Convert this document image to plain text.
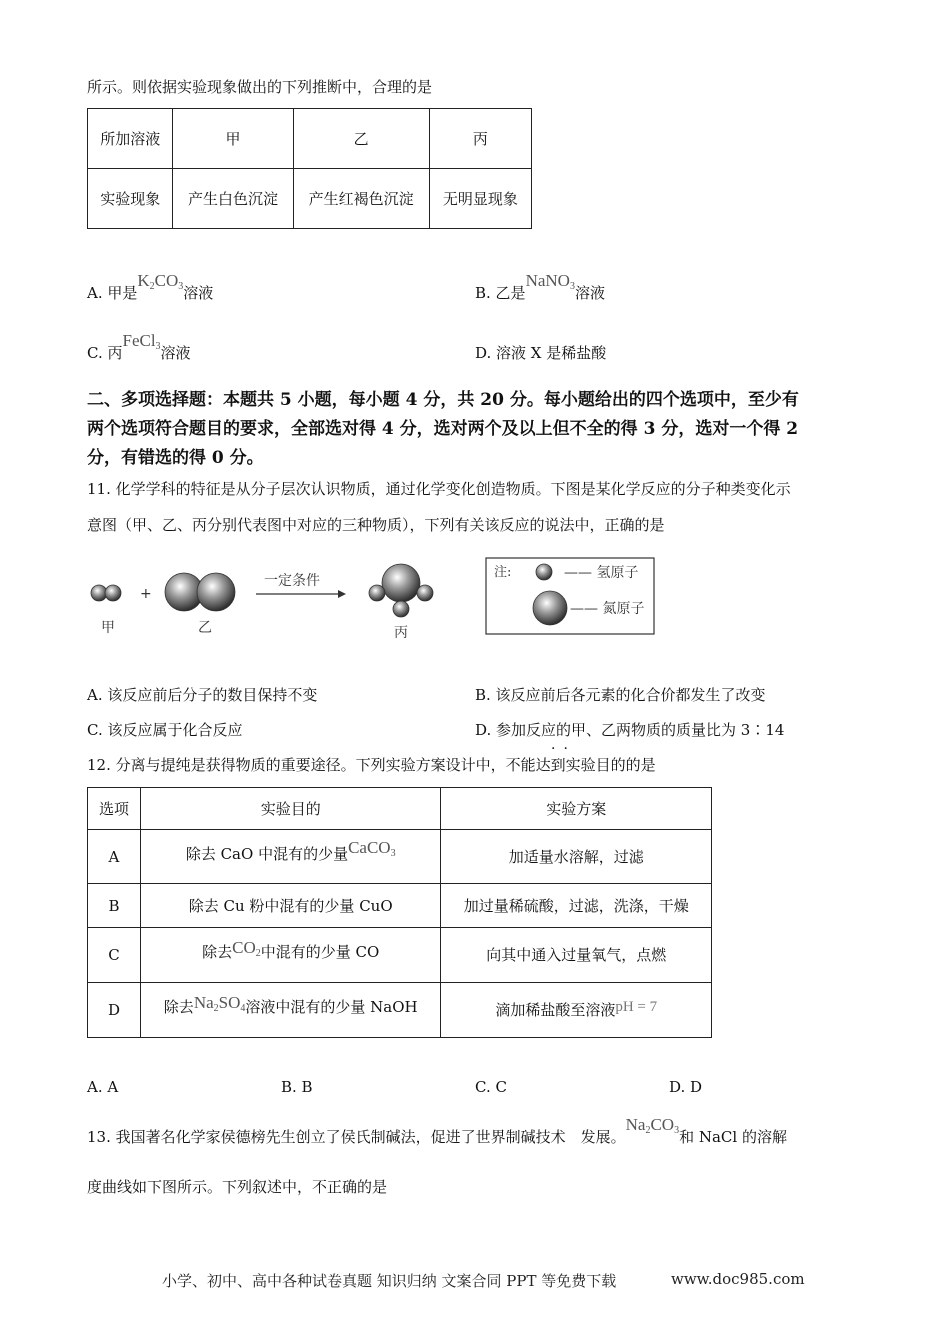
所示。则依据实验现象做出的下列推断中，合理的是
所加溶液	甲	乙	丙
实验现象	产生白色沉淀	产生红褐色沉淀	无明显现象
A. 甲是$K_2CO_3$溶液	B. 乙是NaNO$_3$溶液
C. 丙FeCl$_3$溶液	D. 溶液 X 是稀盐酸
二、多项选择题：本题共 5 小题，每小题 4 分，共 20 分。每小题给出的四个选项中，至少有
两个选项符合题目的要求，全部选对得 4 分，选对两个及以上但不全的得 3 分，选对一个得 2
分，有错选的得 0 分。
11. 化学学科的特征是从分子层次认识物质，通过化学变化创造物质。下图是某化学反应的分子种类变化示
意图（甲、乙、丙分别代表图中对应的三种物质），下列有关该反应的说法中，正确的是
甲
+
乙
一定条件
丙
注:	—— 氢原子
—— 氮原子
A. 该反应前后分子的数目保持不变	B. 该反应前后各元素的化合价都发生了改变
C. 该反应属于化合反应	D. 参加反应的甲、乙两物质的质量比为 3∶14
12. 分离与提纯是获得物质的重要途径。下列实验方案设计中，不能达到实验目的的是
··
选项	实验目的	实验方案
A	除去 CaO 中混有的少量CaCO$_3$	加适量水溶解，过滤
B	除去 Cu 粉中混有的少量 CuO	加过量稀硫酸，过滤，洗涤，干燥
C	除去$CO_2$中混有的少量 CO	向其中通入过量氧气，点燃
D	除去$Na_2SO_4$溶液中混有的少量 NaOH	滴加稀盐酸至溶液pH = 7
A. A	B. B	C. C	D. D
13. 我国著名化学家侯德榜先生创立了侯氏制碱法，促进了世界制碱技术　发展。$Na_2CO_3$和 NaCl 的溶解
度曲线如下图所示。下列叙述中，不正确的是
小学、初中、高中各种试卷真题 知识归纳 文案合同 PPT 等免费下载	www.doc985.com
